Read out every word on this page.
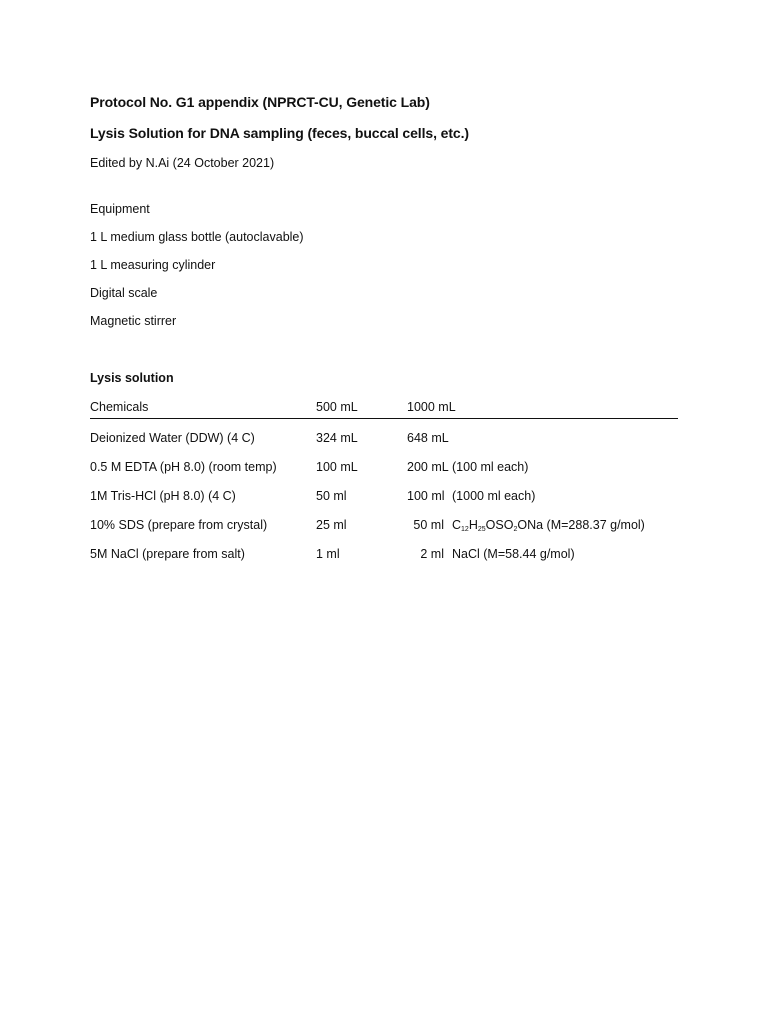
Protocol No. G1 appendix (NPRCT-CU, Genetic Lab)
Lysis Solution for DNA sampling (feces, buccal cells, etc.)
Edited by N.Ai (24 October 2021)
Equipment
1 L medium glass bottle (autoclavable)
1 L measuring cylinder
Digital scale
Magnetic stirrer
Lysis solution
Chemicals	500 mL	1000 mL
Deionized Water (DDW) (4 C)	324 mL	648 mL
0.5 M EDTA (pH 8.0) (room temp)	100 mL	200 mL (100 ml each)
1M Tris-HCl (pH 8.0) (4 C)	50 ml	100 ml (1000 ml each)
10% SDS (prepare from crystal)	25 ml	50 ml $C_{12}H_{25}OSO_2ONa$ (M=288.37 g/mol)
5M NaCl (prepare from salt)	1 ml	2 ml NaCl (M=58.44 g/mol)
